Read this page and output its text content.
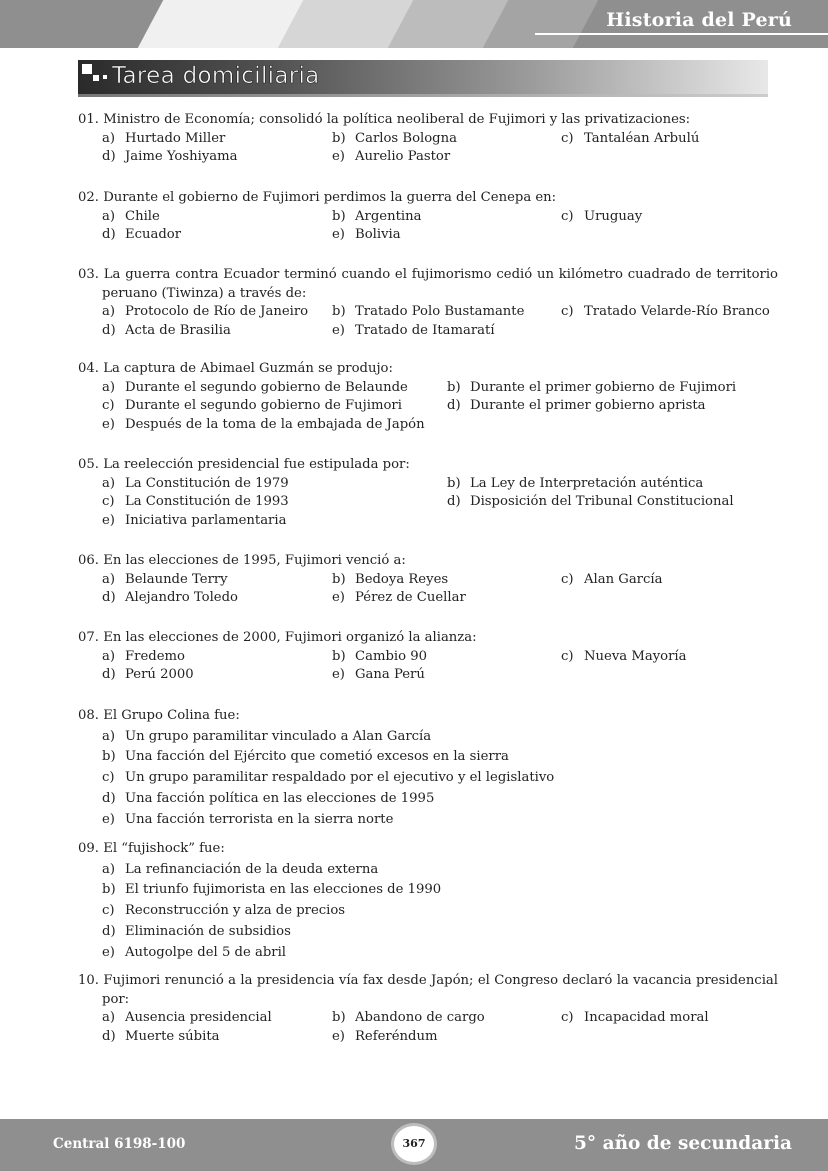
Historia del Perú
Tarea domiciliaria
01. Ministro de Economía; consolidó la política neoliberal de Fujimori y las privatizaciones:
a) Hurtado Miller	b) Carlos Bologna	c) Tantaléan Arbulú
d) Jaime Yoshiyama	e) Aurelio Pastor
02. Durante el gobierno de Fujimori perdimos la guerra del Cenepa en:
a) Chile	b) Argentina	c) Uruguay
d) Ecuador	e) Bolivia
03. La guerra contra Ecuador terminó cuando el fujimorismo cedió un kilómetro cuadrado de territorio peruano (Tiwinza) a través de:
a) Protocolo de Río de Janeiro b) Tratado Polo Bustamante	c) Tratado Velarde-Río Branco
d) Acta de Brasilia	e) Tratado de Itamaratí
04. La captura de Abimael Guzmán se produjo:
a) Durante el segundo gobierno de Belaunde	b) Durante el primer gobierno de Fujimori
c) Durante el segundo gobierno de Fujimori	d) Durante el primer gobierno aprista
e) Después de la toma de la embajada de Japón
05. La reelección presidencial fue estipulada por:
a) La Constitución de 1979	b) La Ley de Interpretación auténtica
c) La Constitución de 1993	d) Disposición del Tribunal Constitucional
e) Iniciativa parlamentaria
06. En las elecciones de 1995, Fujimori venció a:
a) Belaunde Terry	b) Bedoya Reyes	c) Alan García
d) Alejandro Toledo	e) Pérez de Cuellar
07. En las elecciones de 2000, Fujimori organizó la alianza:
a) Fredemo	b) Cambio 90	c) Nueva Mayoría
d) Perú 2000	e) Gana Perú
08. El Grupo Colina fue:
a) Un grupo paramilitar vinculado a Alan García
b) Una facción del Ejército que cometió excesos en la sierra
c) Un grupo paramilitar respaldado por el ejecutivo y el legislativo
d) Una facción política en las elecciones de 1995
e) Una facción terrorista en la sierra norte
09. El “fujishock” fue:
a) La refinanciación de la deuda externa
b) El triunfo fujimorista en las elecciones de 1990
c) Reconstrucción y alza de precios
d) Eliminación de subsidios
e) Autogolpe del 5 de abril
10. Fujimori renunció a la presidencia vía fax desde Japón; el Congreso declaró la vacancia presidencial por:
a) Ausencia presidencial	b) Abandono de cargo	c) Incapacidad moral
d) Muerte súbita	e) Referéndum
Central 6198-100	367	5° año de secundaria
